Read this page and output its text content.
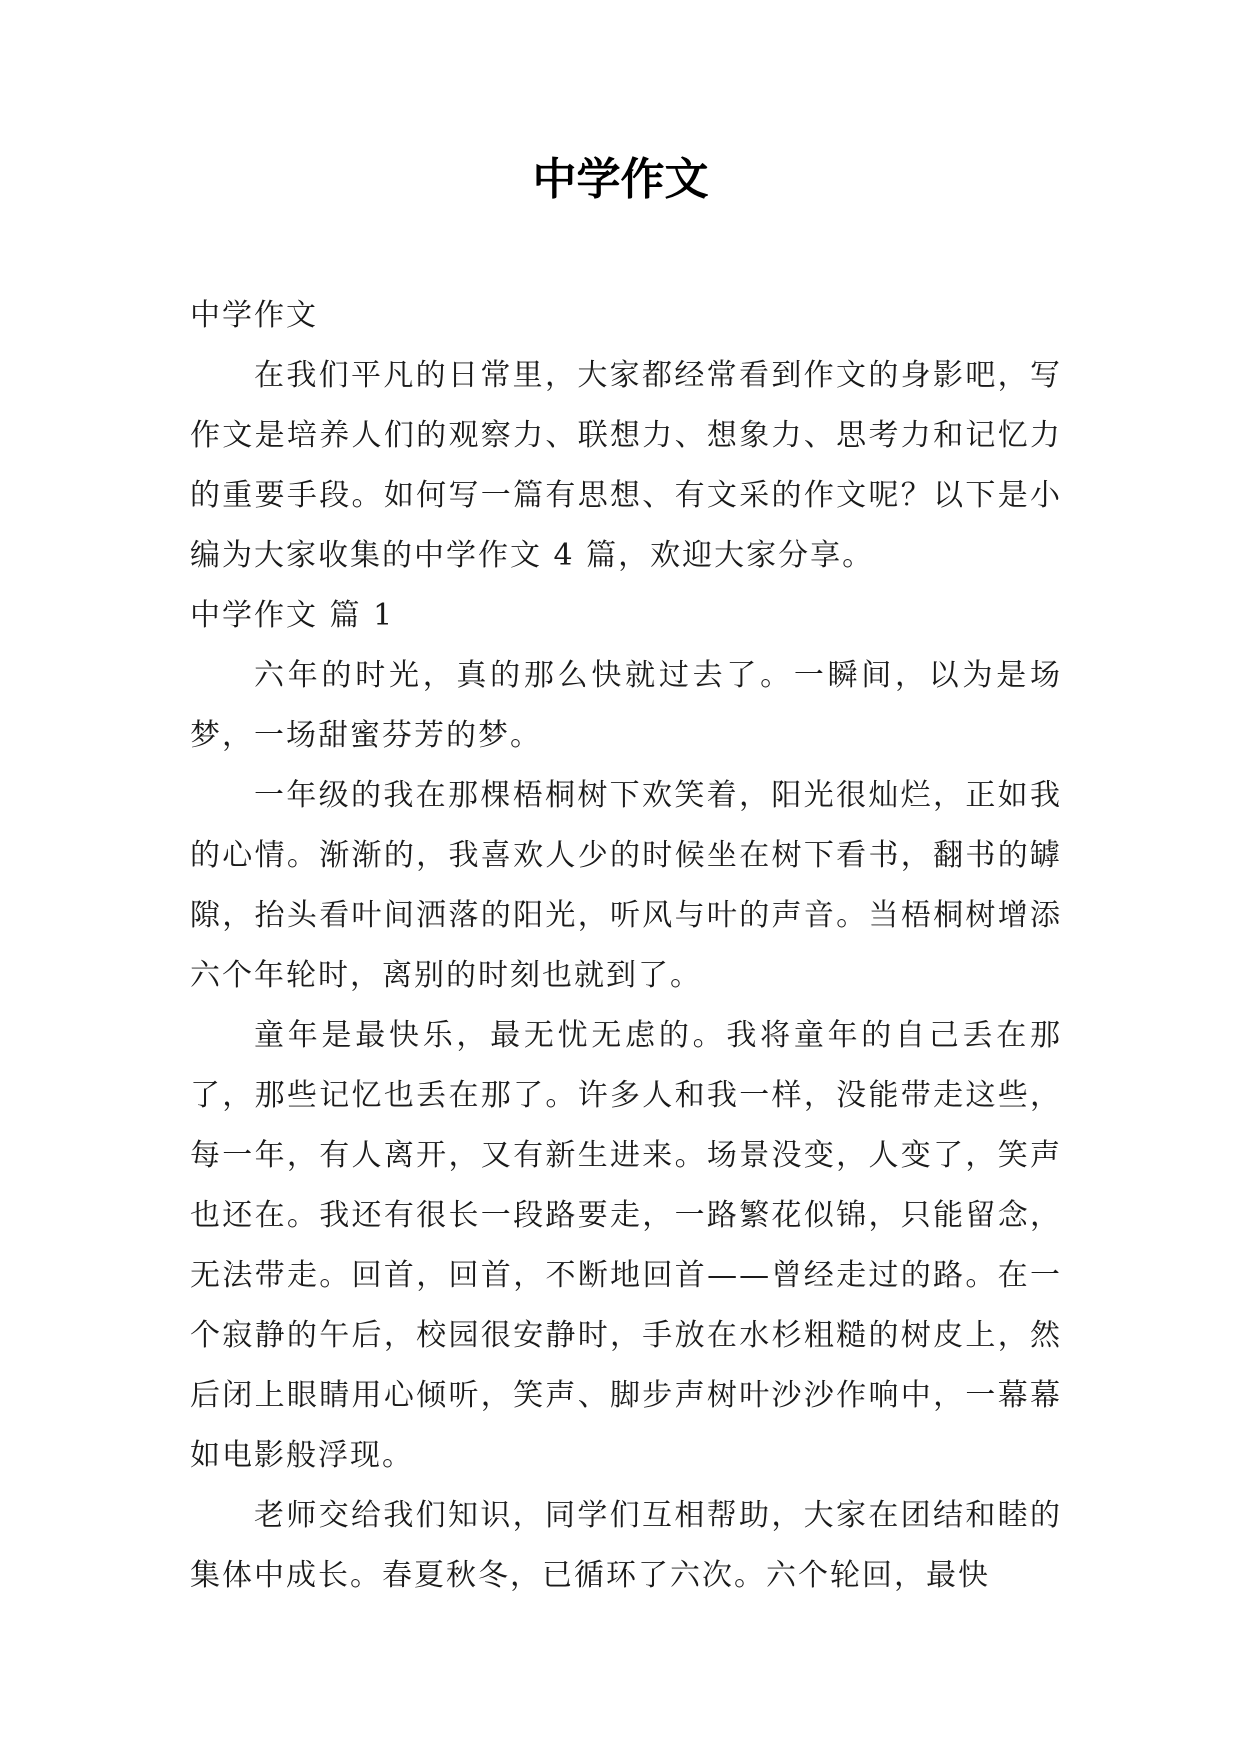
中学作文

中学作文

在我们平凡的日常里，大家都经常看到作文的身影吧，写作文是培养人们的观察力、联想力、想象力、思考力和记忆力的重要手段。如何写一篇有思想、有文采的作文呢？以下是小编为大家收集的中学作文 4 篇，欢迎大家分享。

中学作文 篇 1

六年的时光，真的那么快就过去了。一瞬间，以为是场梦，一场甜蜜芬芳的梦。

一年级的我在那棵梧桐树下欢笑着，阳光很灿烂，正如我的心情。渐渐的，我喜欢人少的时候坐在树下看书，翻书的罅隙，抬头看叶间洒落的阳光，听风与叶的声音。当梧桐树增添六个年轮时，离别的时刻也就到了。

童年是最快乐，最无忧无虑的。我将童年的自己丢在那了，那些记忆也丢在那了。许多人和我一样，没能带走这些，每一年，有人离开，又有新生进来。场景没变，人变了，笑声也还在。我还有很长一段路要走，一路繁花似锦，只能留念，无法带走。回首，回首，不断地回首——曾经走过的路。在一个寂静的午后，校园很安静时，手放在水杉粗糙的树皮上，然后闭上眼睛用心倾听，笑声、脚步声树叶沙沙作响中，一幕幕如电影般浮现。

老师交给我们知识，同学们互相帮助，大家在团结和睦的集体中成长。春夏秋冬，已循环了六次。六个轮回，最快
